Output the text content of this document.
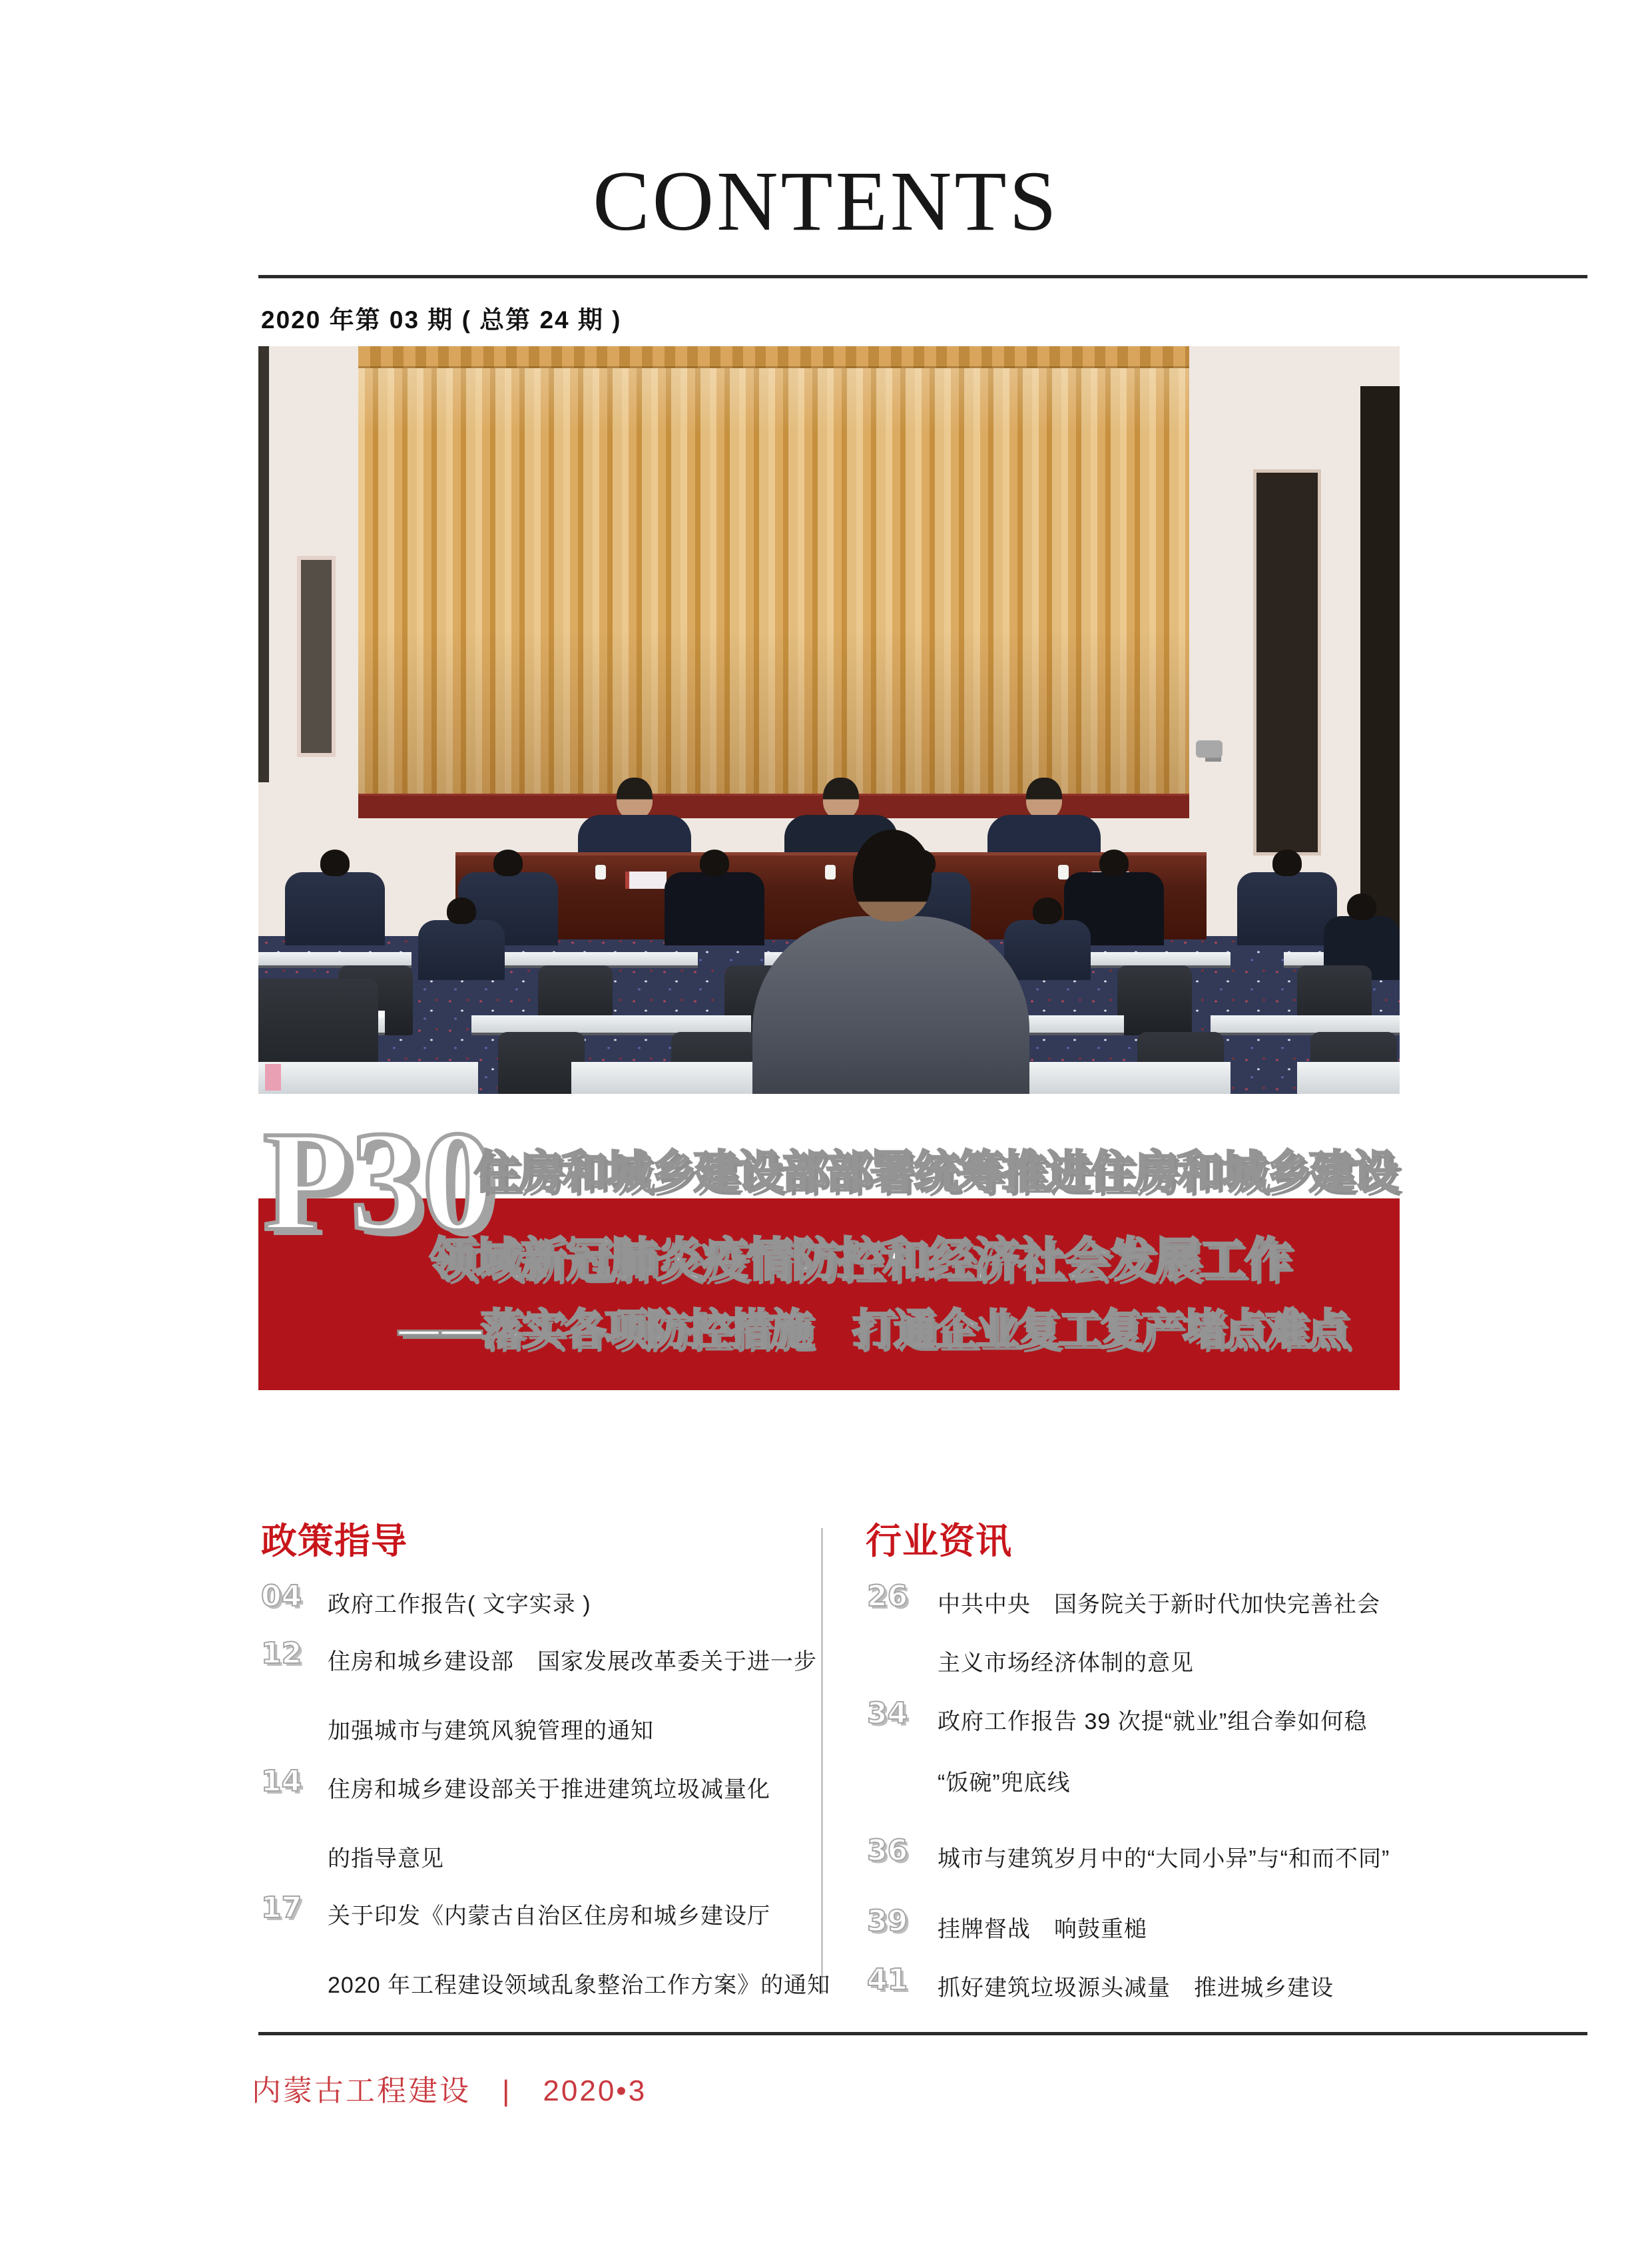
CONTENTS
2020 年第 03 期 ( 总第 24 期 )
P30
住房和城乡建设部部署统筹推进住房和城乡建设
领域新冠肺炎疫情防控和经济社会发展工作
——落实各项防控措施　打通企业复工复产堵点难点
政策指导	行业资讯
04 政府工作报告( 文字实录 )
12 住房和城乡建设部　国家发展改革委关于进一步
加强城市与建筑风貌管理的通知
14 住房和城乡建设部关于推进建筑垃圾减量化
的指导意见
17 关于印发《内蒙古自治区住房和城乡建设厅
2020 年工程建设领域乱象整治工作方案》的通知
26 中共中央　国务院关于新时代加快完善社会
主义市场经济体制的意见
34 政府工作报告 39 次提“就业”组合拳如何稳
“饭碗”兜底线
36 城市与建筑岁月中的“大同小异”与“和而不同”
39 挂牌督战　响鼓重槌
41 抓好建筑垃圾源头减量　推进城乡建设
内蒙古工程建设　|　2020•3
